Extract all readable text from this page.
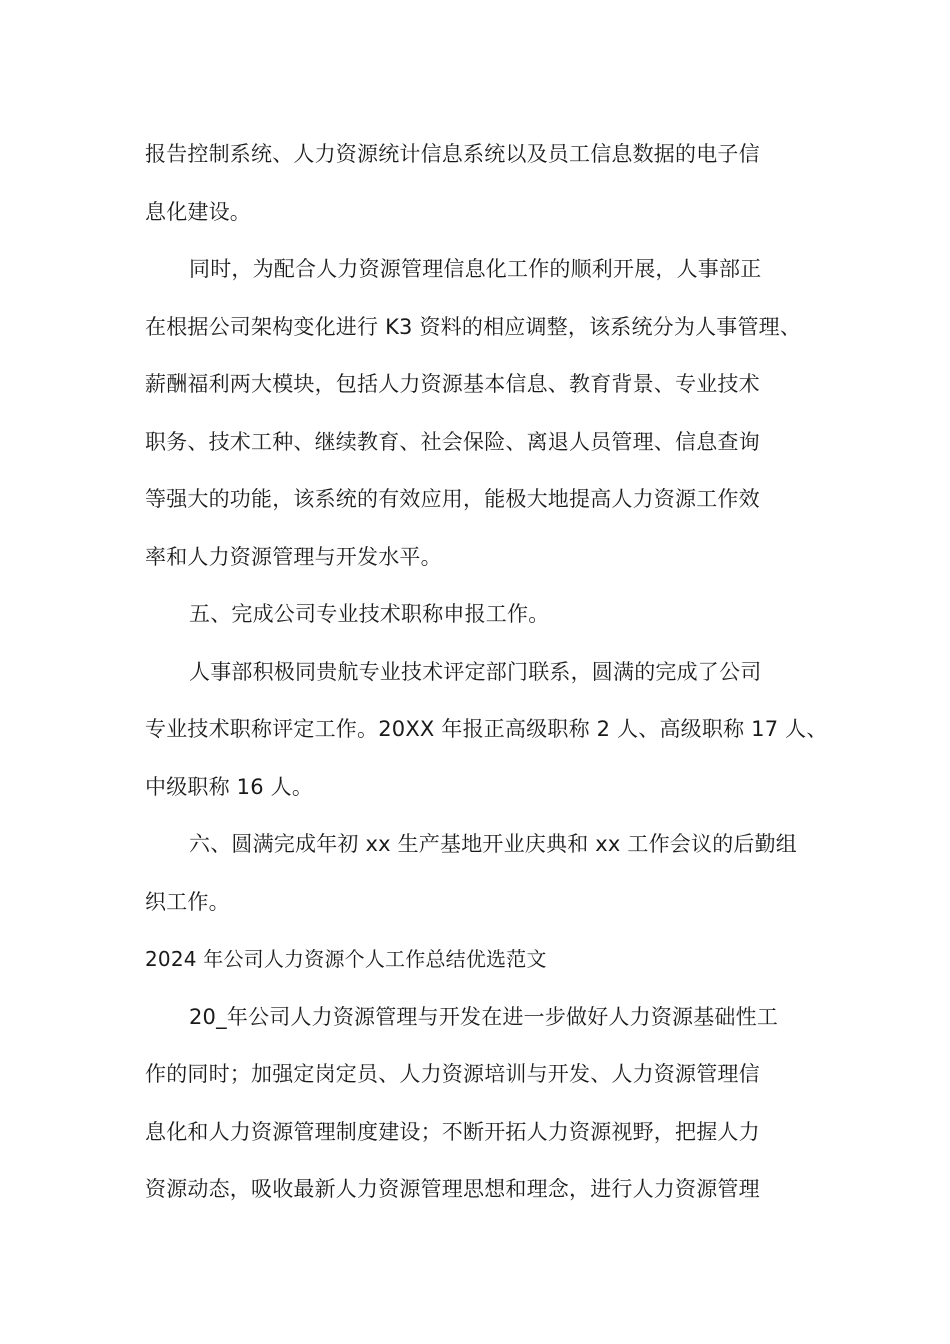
报告控制系统、人力资源统计信息系统以及员工信息数据的电子信
息化建设。
同时，为配合人力资源管理信息化工作的顺利开展，人事部正
在根据公司架构变化进行 K3 资料的相应调整，该系统分为人事管理、
薪酬福利两大模块，包括人力资源基本信息、教育背景、专业技术
职务、技术工种、继续教育、社会保险、离退人员管理、信息查询
等强大的功能，该系统的有效应用，能极大地提高人力资源工作效
率和人力资源管理与开发水平。
五、完成公司专业技术职称申报工作。
人事部积极同贵航专业技术评定部门联系，圆满的完成了公司
专业技术职称评定工作。20XX 年报正高级职称 2 人、高级职称 17 人、
中级职称 16 人。
六、圆满完成年初 xx 生产基地开业庆典和 xx 工作会议的后勤组
织工作。
2024 年公司人力资源个人工作总结优选范文
20_年公司人力资源管理与开发在进一步做好人力资源基础性工
作的同时；加强定岗定员、人力资源培训与开发、人力资源管理信
息化和人力资源管理制度建设；不断开拓人力资源视野，把握人力
资源动态，吸收最新人力资源管理思想和理念，进行人力资源管理
